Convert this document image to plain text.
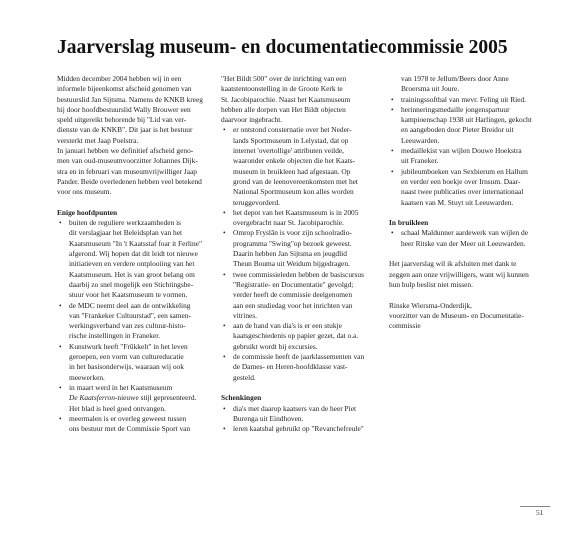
Jaarverslag museum- en documentatiecommissie 2005
Midden december 2004 hebben wij in een
informele bijeenkomst afscheid genomen van
bestuurslid Jan Sijtsma. Namens de KNKB kreeg
hij door hoofdbestuurslid Wally Brouwer een
speld uitgereikt behorende bij "Lid van ver-
dienste van de KNKB". Dit jaar is het bestuur
versterkt met Jaap Poelstra.
In januari hebben we definitief afscheid geno-
men van oud-museumvoorzitter Johannes Dijk-
stra en in februari van museumvrijwilliger Jaap
Pander. Beide overledenen hebben veel betekend
voor ons museum.
Enige hoofdpunten
• buiten de reguliere werkzaamheden is
dit verslagjaar het Beleidsplan van het
Kaatsmuseum "In 't Kaatsstaf foar it Ferline"
afgerond. Wij hopen dat dit leidt tot nieuwe
initiatieven en verdere ontplooiing van het
Kaatsmuseum. Het is van groot belang om
daarbij zo snel mogelijk een Stichtingsbe-
stuur voor het Kaatsmuseum te vormen.
• de MDC neemt deel aan de ontwikkeling
van "Frankeker Cultuurstad", een samen-
werkingsverband van zes cultuur-histo-
rische instellingen in Franeker.
• Kunstwurk heeft "Frûkkelt" in het leven
geroepen, een vorm van cultureducatie
in het basisonderwijs, waaraan wij ook
meewerken.
• in maart werd in het Kaatsmuseum
De Kaatsferron-nieuwe stijl gepresenteerd.
Het blad is heel goed ontvangen.
• meermalen is er overleg geweest tussen
ons bestuur met de Commissie Sport van
"Het Bildt 500" over de inrichting van een
kaatstentoonstelling in de Groote Kerk te
St. Jacobiparochie. Naast het Kaatsmuseum
hebben alle dorpen van Het Bildt objecten
daarvoor ingebracht.
• er ontstond consternatie over het Neder-
lands Sportmuseum in Lelystad, dat op
internet 'overtollige' attributen veilde,
waaronder enkele objecten die het Kaats-
museum in bruikleen had afgestaan. Op
grond van de leenovereenkomsten met het
National Sportmuseum kon alles worden
teruggevorderd.
• het depot van het Kaatsmuseum is in 2005
overgebracht naar St. Jacobiparochie.
• Omrop Fryslân is voor zijn schoolradio-
programma "Swing"op bezoek geweest.
Daarin hebben Jan Sijtsma en jeugdlid
Theun Bouma uit Weidum bijgedragen.
• twee commissieleden hebben de basiscursus
"Registratie- en Documentatie" gevolgd;
verder heeft de commissie deelgenomen
aan een studiedag voor het inrichten van
vitrines.
• aan de hand van dia's is er een stukje
kaatsgeschiedenis op papier gezet, dat o.a.
gebruikt wordt bij excursies.
• de commissie heeft de jaarklassementen van
de Dames- en Heren-hoofdklasse vast-
gesteld.
Schenkingen
• dia's met daarop kaatsers van de heer Piet
Burenga uit Eindhoven.
• leren kaatsbal gebruikt op "Revanchefreule"
van 1978 te Jellum/Beers door Anne
Broersma uit Joure.
• trainingssoftbal van mevr. Feling uit Ried.
• herinneringsmedaille jongenspartuur
kampioenschap 1938 uit Harlingen, gekocht
en aangeboden door Pieter Breidor uit
Leeuwarden.
• medaillekist van wijlen Douwe Hoekstra
uit Franeker.
• jubileumboeken van Sexbierum en Hallum
en verder een boekje over Irnsum. Daar-
naast twee publicaties over internationaal
kaatsen van M. Stuyt uit Leeuwarden.
In bruikleen
• schaal Maldunner aardewerk van wijlen de
heer Ritske van der Meer uit Leeuwarden.
Het jaarverslag wil ik afsluiten met dank te
zeggen aan onze vrijwilligers, want wij kunnen
hun hulp beslist niet missen.
Rinske Wiersma-Onderdijk,
voorzitter van de Museum- en Documentatie-
commissie
51
